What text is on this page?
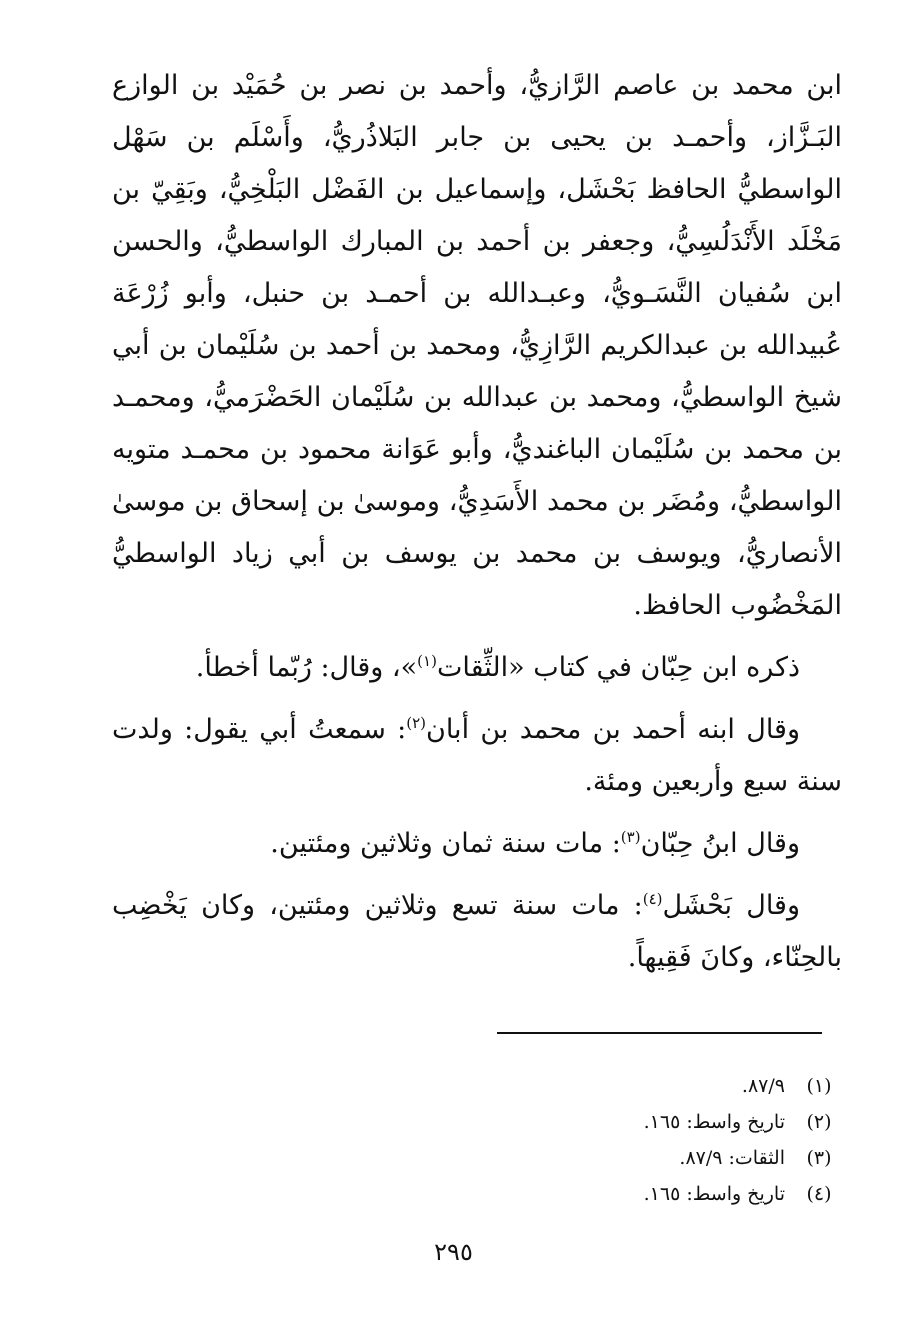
ابن محمد بن عاصم الرَّازيُّ، وأحمد بن نصر بن حُمَيْد بن الوازع البَـزَّاز، وأحمـد بن يحيى بن جابر البَلاذُريُّ، وأَسْلَم بن سَهْل الواسطيُّ الحافظ بَحْشَل، وإسماعيل بن الفَضْل البَلْخِيُّ، وبَقِيّ بن مَخْلَد الأَنْدَلُسِيُّ، وجعفر بن أحمد بن المبارك الواسطيُّ، والحسن ابن سُفيان النَّسَـويُّ، وعبـدالله بن أحمـد بن حنبل، وأبو زُرْعَة عُبيدالله بن عبدالكريم الرَّازِيُّ، ومحمد بن أحمد بن سُلَيْمان بن أبي شيخ الواسطيُّ، ومحمد بن عبدالله بن سُلَيْمان الحَضْرَميُّ، ومحمـد بن محمد بن سُلَيْمان الباغنديُّ، وأبو عَوَانة محمود بن محمـد متويه الواسطيُّ، ومُضَر بن محمد الأَسَدِيُّ، وموسىٰ بن إسحاق بن موسىٰ الأنصاريُّ، ويوسف بن محمد بن يوسف بن أبي زياد الواسطيُّ المَخْضُوب الحافظ.

ذكره ابن حِبّان في كتاب «الثِّقات$^{(١)}$»، وقال: رُبّما أخطأ.

وقال ابنه أحمد بن محمد بن أبان$^{(٢)}$: سمعتُ أبي يقول: ولدت سنة سبع وأربعين ومئة.

وقال ابنُ حِبّان$^{(٣)}$: مات سنة ثمان وثلاثين ومئتين.

وقال بَحْشَل$^{(٤)}$: مات سنة تسع وثلاثين ومئتين، وكان يَخْضِب بالحِنّاء، وكانَ فَقِيهاً.

(١)
٨٧/٩.
(٢)
تاريخ واسط: ١٦٥.
(٣)
الثقات: ٨٧/٩.
(٤)
تاريخ واسط: ١٦٥.
٢٩٥
